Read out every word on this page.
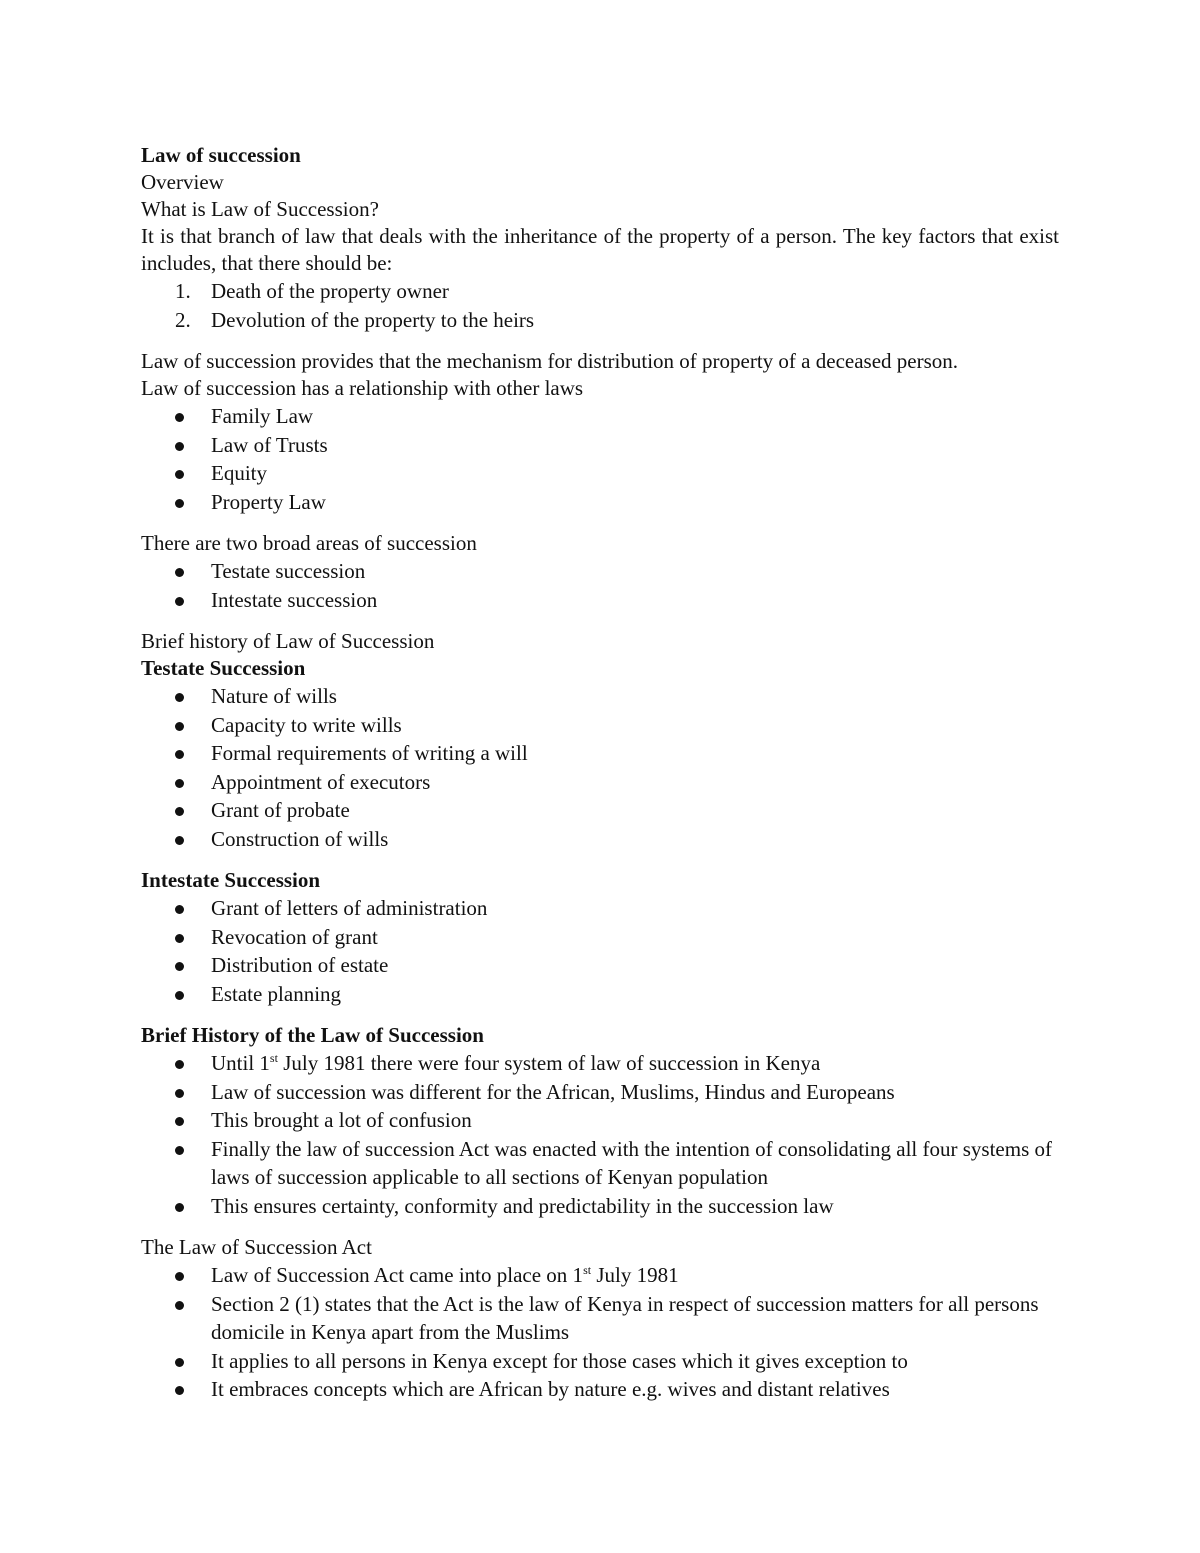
Law of succession

Overview

What is Law of Succession?

It is that branch of law that deals with the inheritance of the property of a person. The key factors that exist includes, that there should be:

1. Death of the property owner
2. Devolution of the property to the heirs

Law of succession provides that the mechanism for distribution of property of a deceased person.

Law of succession has a relationship with other laws

Family Law
Law of Trusts
Equity
Property Law

There are two broad areas of succession

Testate succession
Intestate succession

Brief history of Law of Succession

Testate Succession
Nature of wills
Capacity to write wills
Formal requirements of writing a will
Appointment of executors
Grant of probate
Construction of wills
Intestate Succession
Grant of letters of administration
Revocation of grant
Distribution of estate
Estate planning
Brief History of the Law of Succession
Until 1st July 1981 there were four system of law of succession in Kenya
Law of succession was different for the African, Muslims, Hindus and Europeans
This brought a lot of confusion
Finally the law of succession Act was enacted with the intention of consolidating all four systems of laws of succession applicable to all sections of Kenyan population
This ensures certainty, conformity and predictability in the succession law

The Law of Succession Act

Law of Succession Act came into place on 1st July 1981
Section 2 (1) states that the Act is the law of Kenya in respect of succession matters for all persons domicile in Kenya apart from the Muslims
It applies to all persons in Kenya except for those cases which it gives exception to
It embraces concepts which are African by nature e.g. wives and distant relatives
